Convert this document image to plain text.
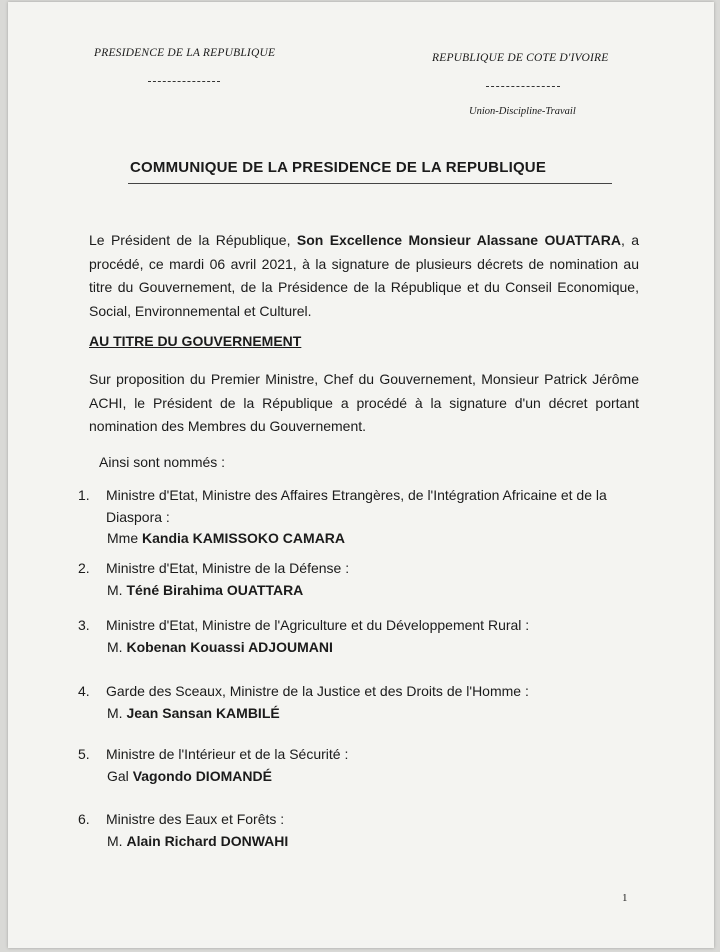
PRESIDENCE DE LA REPUBLIQUE	REPUBLIQUE DE COTE D'IVOIRE
Union-Discipline-Travail
COMMUNIQUE DE LA PRESIDENCE DE LA REPUBLIQUE
Le Président de la République, Son Excellence Monsieur Alassane OUATTARA, a procédé, ce mardi 06 avril 2021, à la signature de plusieurs décrets de nomination au titre du Gouvernement, de la Présidence de la République et du Conseil Economique, Social, Environnemental et Culturel.
AU TITRE DU GOUVERNEMENT
Sur proposition du Premier Ministre, Chef du Gouvernement, Monsieur Patrick Jérôme ACHI, le Président de la République a procédé à la signature d'un décret portant nomination des Membres du Gouvernement.
Ainsi sont nommés :
1.	Ministre d'Etat, Ministre des Affaires Etrangères, de l'Intégration Africaine et de la Diaspora :
Mme Kandia KAMISSOKO CAMARA
2.	Ministre d'Etat, Ministre de la Défense :
M. Téné Birahima OUATTARA
3.	Ministre d'Etat, Ministre de l'Agriculture et du Développement Rural :
M. Kobenan Kouassi ADJOUMANI
4.	Garde des Sceaux, Ministre de la Justice et des Droits de l'Homme :
M. Jean Sansan KAMBILÉ
5.	Ministre de l'Intérieur et de la Sécurité :
Gal Vagondo DIOMANDÉ
6.	Ministre des Eaux et Forêts :
M. Alain Richard DONWAHI
1
